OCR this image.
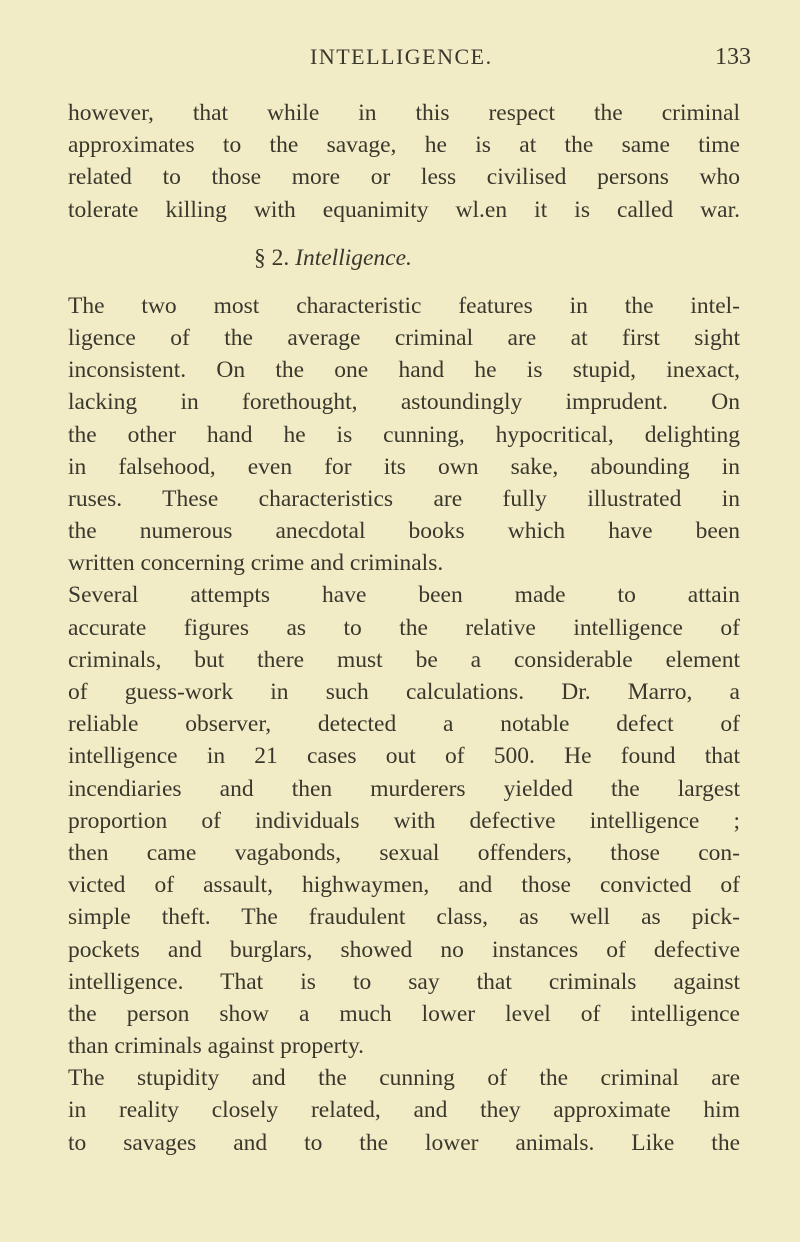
INTELLIGENCE.	133
however, that while in this respect the criminal
approximates to the savage, he is at the same time
related to those more or less civilised persons who
tolerate killing with equanimity wl.en it is called war.
§ 2. Intelligence.
The two most characteristic features in the intel-
ligence of the average criminal are at first sight
inconsistent. On the one hand he is stupid, inexact,
lacking in forethought, astoundingly imprudent. On
the other hand he is cunning, hypocritical, delighting
in falsehood, even for its own sake, abounding in
ruses. These characteristics are fully illustrated in
the numerous anecdotal books which have been
written concerning crime and criminals.
Several attempts have been made to attain
accurate figures as to the relative intelligence of
criminals, but there must be a considerable element
of guess-work in such calculations. Dr. Marro, a
reliable observer, detected a notable defect of
intelligence in 21 cases out of 500. He found that
incendiaries and then murderers yielded the largest
proportion of individuals with defective intelligence ;
then came vagabonds, sexual offenders, those con-
victed of assault, highwaymen, and those convicted of
simple theft. The fraudulent class, as well as pick-
pockets and burglars, showed no instances of defective
intelligence. That is to say that criminals against
the person show a much lower level of intelligence
than criminals against property.
The stupidity and the cunning of the criminal are
in reality closely related, and they approximate him
to savages and to the lower animals. Like the
